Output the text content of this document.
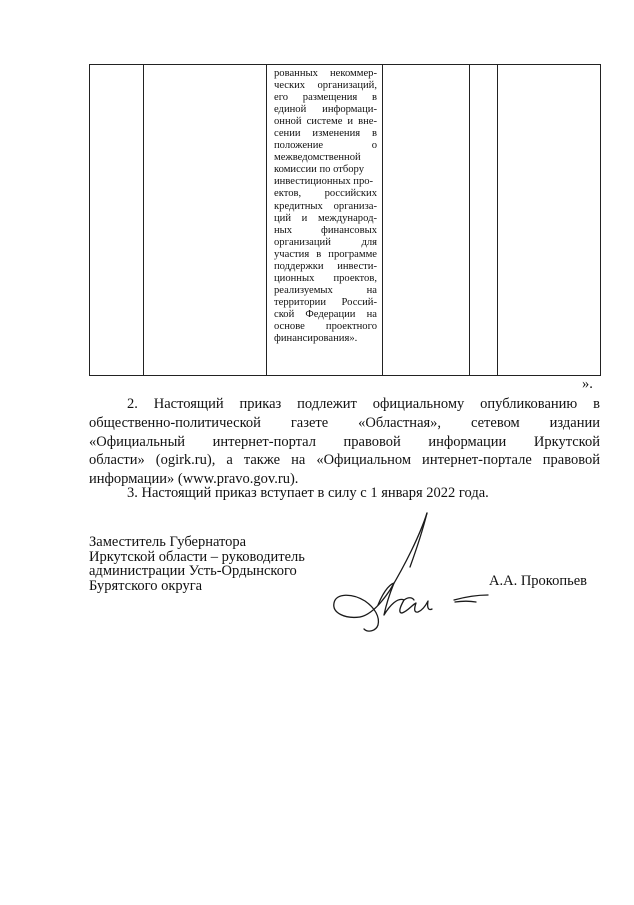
рованных некоммер-
ческих организаций,
его размещения в
единой информаци-
онной системе и вне-
сении изменения в
положение о
межведомственной
комиссии по отбору
инвестиционных про-
ектов, российских
кредитных организа-
ций и международ-
ных финансовых
организаций для
участия в программе
поддержки инвести-
ционных проектов,
реализуемых на
территории Россий-
ской Федерации на
основе проектного
финансирования».

».
2. Настоящий приказ подлежит официальному опубликованию в
общественно-политической газете «Областная», сетевом издании
«Официальный интернет-портал правовой информации Иркутской
области» (ogirk.ru), а также на «Официальном интернет-портале правовой
информации» (www.pravo.gov.ru).
3. Настоящий приказ вступает в силу с 1 января 2022 года.
Заместитель Губернатора
Иркутской области – руководитель
администрации Усть-Ордынского
Бурятского округа	А.А. Прокопьев
